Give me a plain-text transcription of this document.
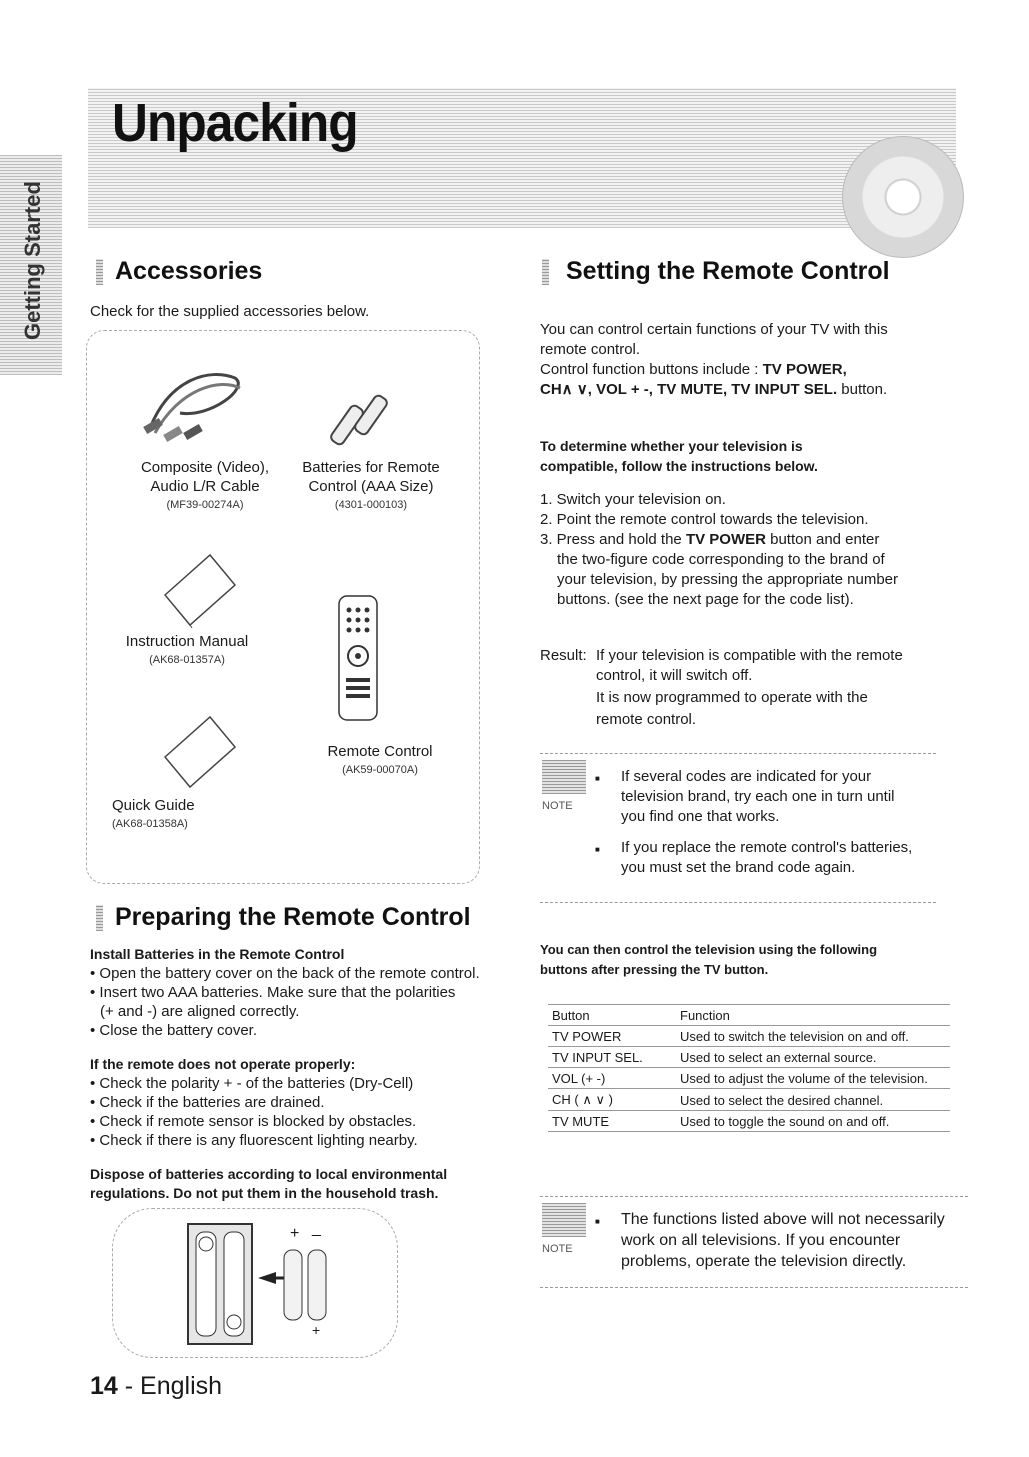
Unpacking
Getting Started	Accessories
Check for the supplied accessories below.
Composite (Video),
Audio L/R Cable
(MF39-00274A)
Batteries for Remote
Control (AAA Size)
(4301-000103)
Instruction Manual
(AK68-01357A)
Remote Control
(AK59-00070A)
Quick Guide
(AK68-01358A)
Preparing the Remote Control
Install Batteries in the Remote Control
• Open the battery cover on the back of the remote control.
• Insert two AAA batteries. Make sure that the polarities
(+ and -) are aligned correctly.
• Close the battery cover.
If the remote does not operate properly:
• Check the polarity + - of the batteries (Dry-Cell)
• Check if the batteries are drained.
• Check if remote sensor is blocked by obstacles.
• Check if there is any fluorescent lighting nearby.
Dispose of batteries according to local environmental
regulations. Do not put them in the household trash.
+ _
+
Setting the Remote Control
You can control certain functions of your TV with this
remote control.
Control function buttons include : TV POWER,
CH∧ ∨, VOL + -, TV MUTE, TV INPUT SEL. button.
To determine whether your television is
compatible, follow the instructions below.
1. Switch your television on.
2. Point the remote control towards the television.
3. Press and hold the TV POWER button and enter
the two-figure code corresponding to the brand of
your television, by pressing the appropriate number
buttons. (see the next page for the code list).
Result: If your television is compatible with the remote
control, it will switch off.
It is now programmed to operate with the
remote control.
NOTE
■ If several codes are indicated for your
television brand, try each one in turn until
you find one that works.
■ If you replace the remote control's batteries,
you must set the brand code again.
You can then control the television using the following
buttons after pressing the TV button.
Button	Function
TV POWER	Used to switch the television on and off.
TV INPUT SEL.	Used to select an external source.
VOL (+ -)	Used to adjust the volume of the television.
CH ( ∧ ∨ )	Used to select the desired channel.
TV MUTE	Used to toggle the sound on and off.
NOTE
■ The functions listed above will not necessarily
work on all televisions. If you encounter
problems, operate the television directly.
14 - English
